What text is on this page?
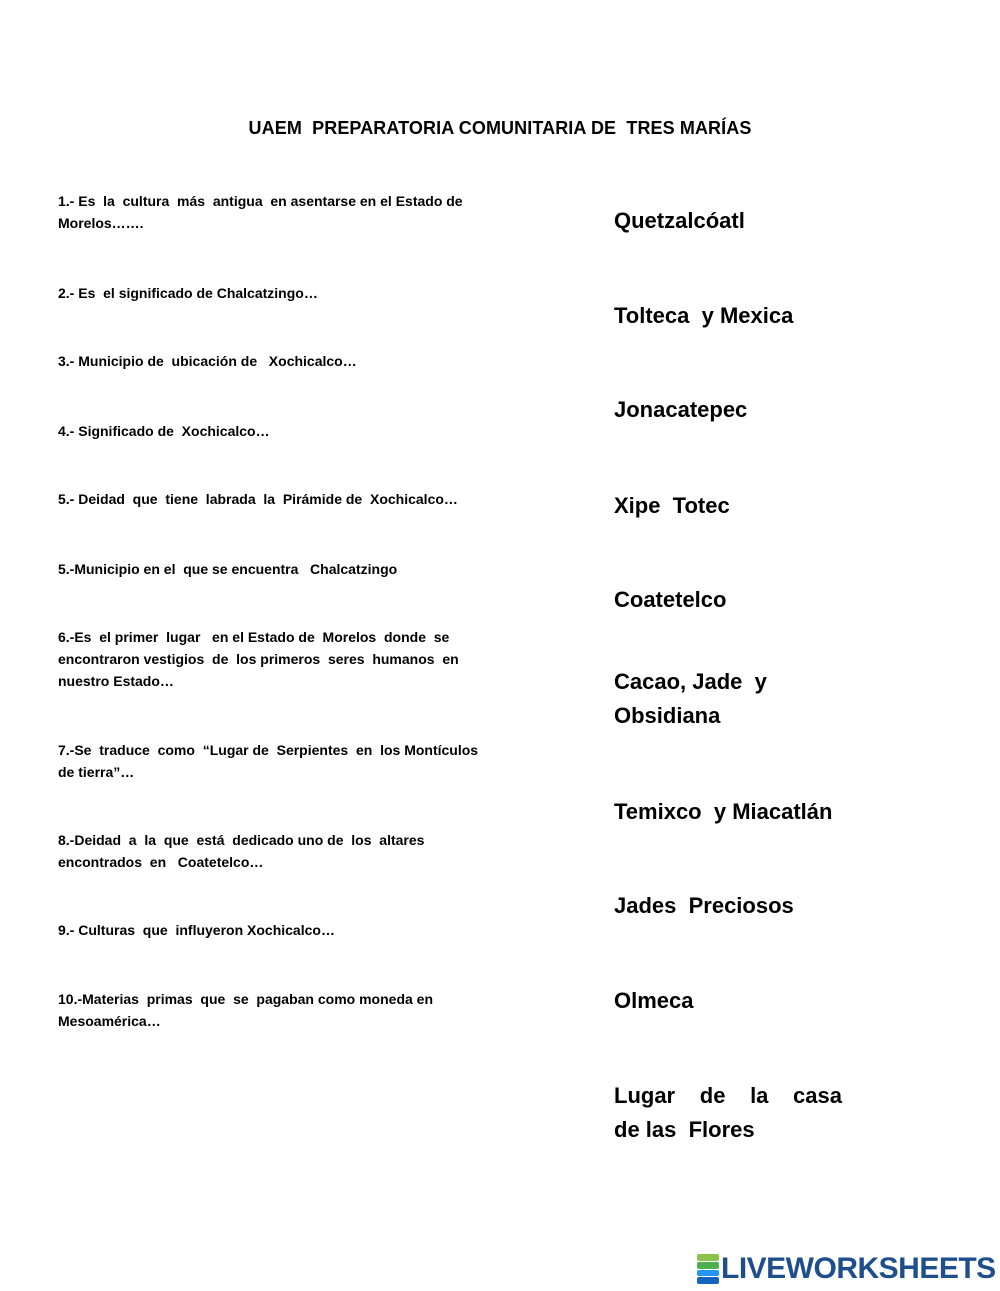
UAEM  PREPARATORIA COMUNITARIA DE  TRES MARÍAS
1.- Es  la  cultura  más  antigua  en asentarse en el Estado de Morelos…….
2.- Es  el significado de Chalcatzingo…
3.- Municipio de  ubicación de   Xochicalco…
4.- Significado de  Xochicalco…
5.- Deidad  que  tiene  labrada  la  Pirámide de  Xochicalco…
5.-Municipio en el  que se encuentra   Chalcatzingo
6.-Es  el primer  lugar   en el Estado de  Morelos  donde  se encontraron vestigios  de  los primeros  seres  humanos  en nuestro Estado…
7.-Se  traduce  como  “Lugar de  Serpientes  en  los Montículos de tierra”…
8.-Deidad  a  la  que  está  dedicado uno de  los  altares encontrados  en   Coatetelco…
9.- Culturas  que  influyeron Xochicalco…
10.-Materias  primas  que  se  pagaban como moneda en Mesoamérica…
Quetzalcóatl
Tolteca  y Mexica
Jonacatepec
Xipe  Totec
Coatetelco
Cacao, Jade  y Obsidiana
Temixco  y Miacatlán
Jades  Preciosos
Olmeca
Lugar  de  la  casa  de las  Flores
LIVEWORKSHEETS
